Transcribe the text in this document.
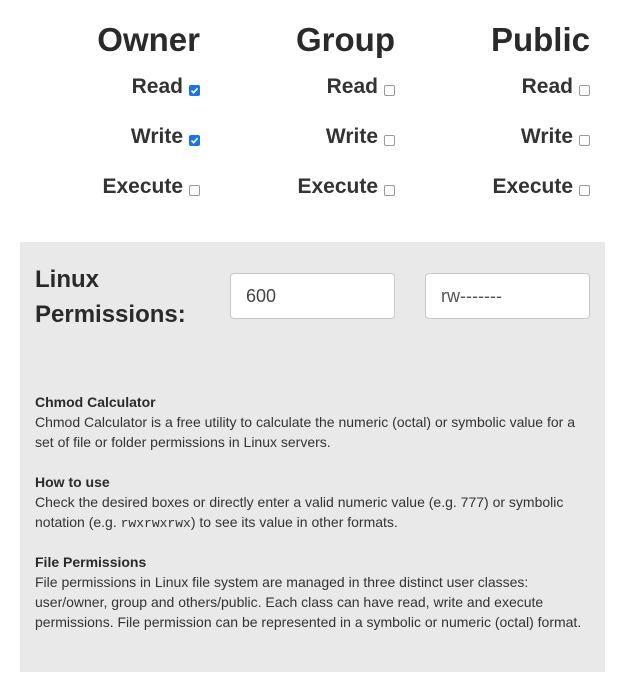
Owner
Read
Write
Execute
Group
Read
Write
Execute
Public
Read
Write
Execute
Linux Permissions:
600
rw-------
Chmod Calculator

Chmod Calculator is a free utility to calculate the numeric (octal) or symbolic value for a set of file or folder permissions in Linux servers.

How to use

Check the desired boxes or directly enter a valid numeric value (e.g. 777) or symbolic notation (e.g. rwxrwxrwx) to see its value in other formats.

File Permissions

File permissions in Linux file system are managed in three distinct user classes: user/owner, group and others/public. Each class can have read, write and execute permissions. File permission can be represented in a symbolic or numeric (octal) format.
